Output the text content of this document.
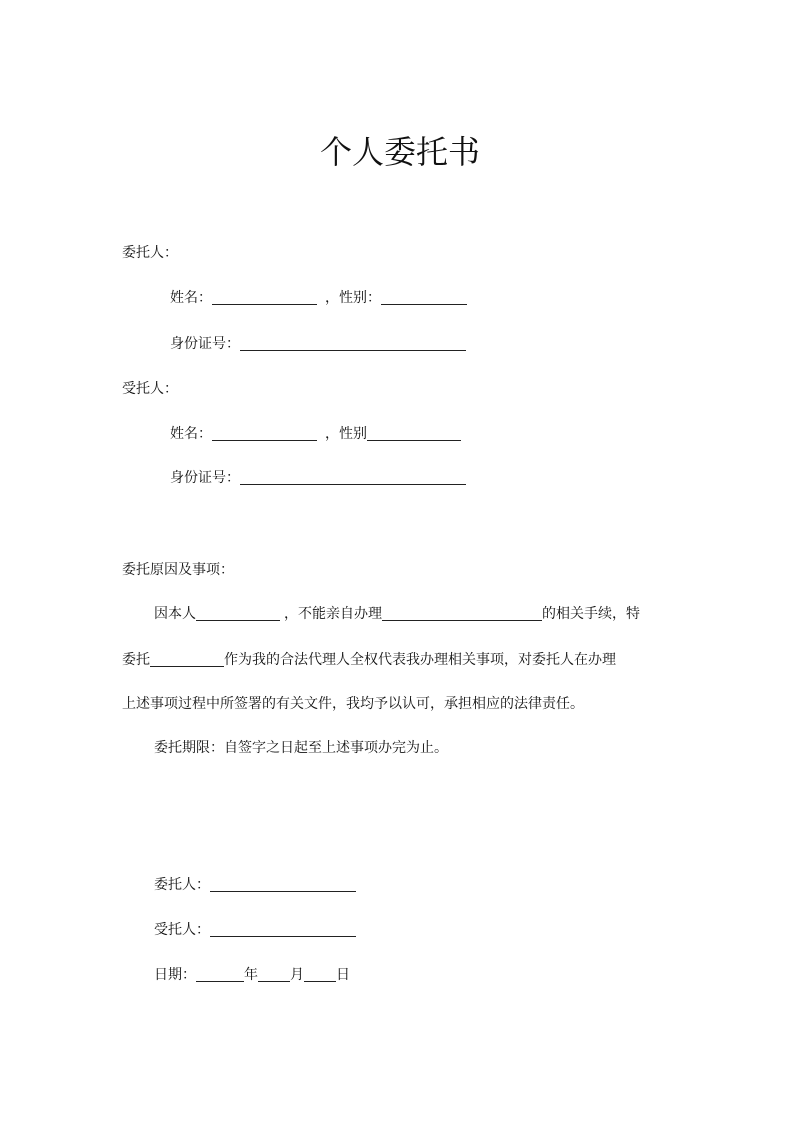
个人委托书
委托人：
姓名：	，性别：
身份证号：
受托人：
姓名：	，性别
身份证号：
委托原因及事项：
因本人	，不能亲自办理	的相关手续，特
委托	作为我的合法代理人全权代表我办理相关事项，对委托人在办理
上述事项过程中所签署的有关文件，我均予以认可，承担相应的法律责任。
委托期限：自签字之日起至上述事项办完为止。
委托人：
受托人：
日期：	年 月 日
